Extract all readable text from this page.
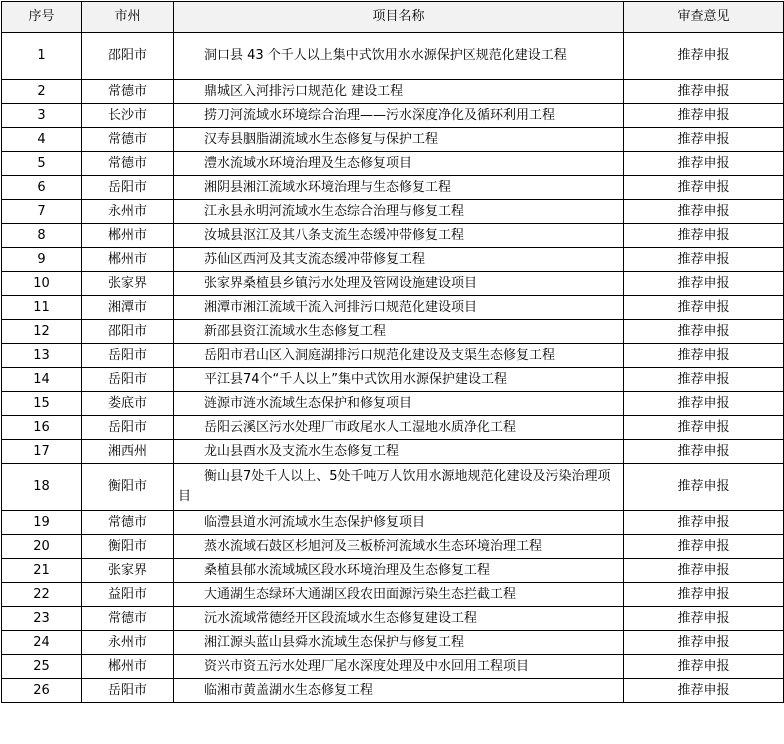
序号	市州	项目名称	审查意见
1	邵阳市	　　洞口县 43 个千人以上集中式饮用水水源保护区规范化建设工程	推荐申报
2	常德市	　　鼎城区入河排污口规范化 建设工程	推荐申报
3	长沙市	　　捞刀河流域水环境综合治理——污水深度净化及循环利用工程	推荐申报
4	常德市	　　汉寿县胭脂湖流域水生态修复与保护工程	推荐申报
5	常德市	　　澧水流域水环境治理及生态修复项目	推荐申报
6	岳阳市	　　湘阴县湘江流域水环境治理与生态修复工程	推荐申报
7	永州市	　　江永县永明河流域水生态综合治理与修复工程	推荐申报
8	郴州市	　　汝城县沤江及其八条支流生态缓冲带修复工程	推荐申报
9	郴州市	　　苏仙区西河及其支流态缓冲带修复工程	推荐申报
10	张家界	　　张家界桑植县乡镇污水处理及管网设施建设项目	推荐申报
11	湘潭市	　　湘潭市湘江流域干流入河排污口规范化建设项目	推荐申报
12	邵阳市	　　新邵县资江流域水生态修复工程	推荐申报
13	岳阳市	　　岳阳市君山区入洞庭湖排污口规范化建设及支渠生态修复工程	推荐申报
14	岳阳市	　　平江县74个“千人以上”集中式饮用水源保护建设工程	推荐申报
15	娄底市	　　涟源市涟水流域生态保护和修复项目	推荐申报
16	岳阳市	　　岳阳云溪区污水处理厂市政尾水人工湿地水质净化工程	推荐申报
17	湘西州	　　龙山县酉水及支流水生态修复工程	推荐申报
18	衡阳市	　　衡山县7处千人以上、5处千吨万人饮用水源地规范化建设及污染治理项目	推荐申报
19	常德市	　　临澧县道水河流域水生态保护修复项目	推荐申报
20	衡阳市	　　蒸水流域石鼓区杉旭河及三板桥河流域水生态环境治理工程	推荐申报
21	张家界	　　桑植县郁水流域城区段水环境治理及生态修复工程	推荐申报
22	益阳市	　　大通湖生态绿环大通湖区段农田面源污染生态拦截工程	推荐申报
23	常德市	　　沅水流域常德经开区段流域水生态修复建设工程	推荐申报
24	永州市	　　湘江源头蓝山县舜水流域生态保护与修复工程	推荐申报
25	郴州市	　　资兴市资五污水处理厂尾水深度处理及中水回用工程项目	推荐申报
26	岳阳市	　　临湘市黄盖湖水生态修复工程	推荐申报
